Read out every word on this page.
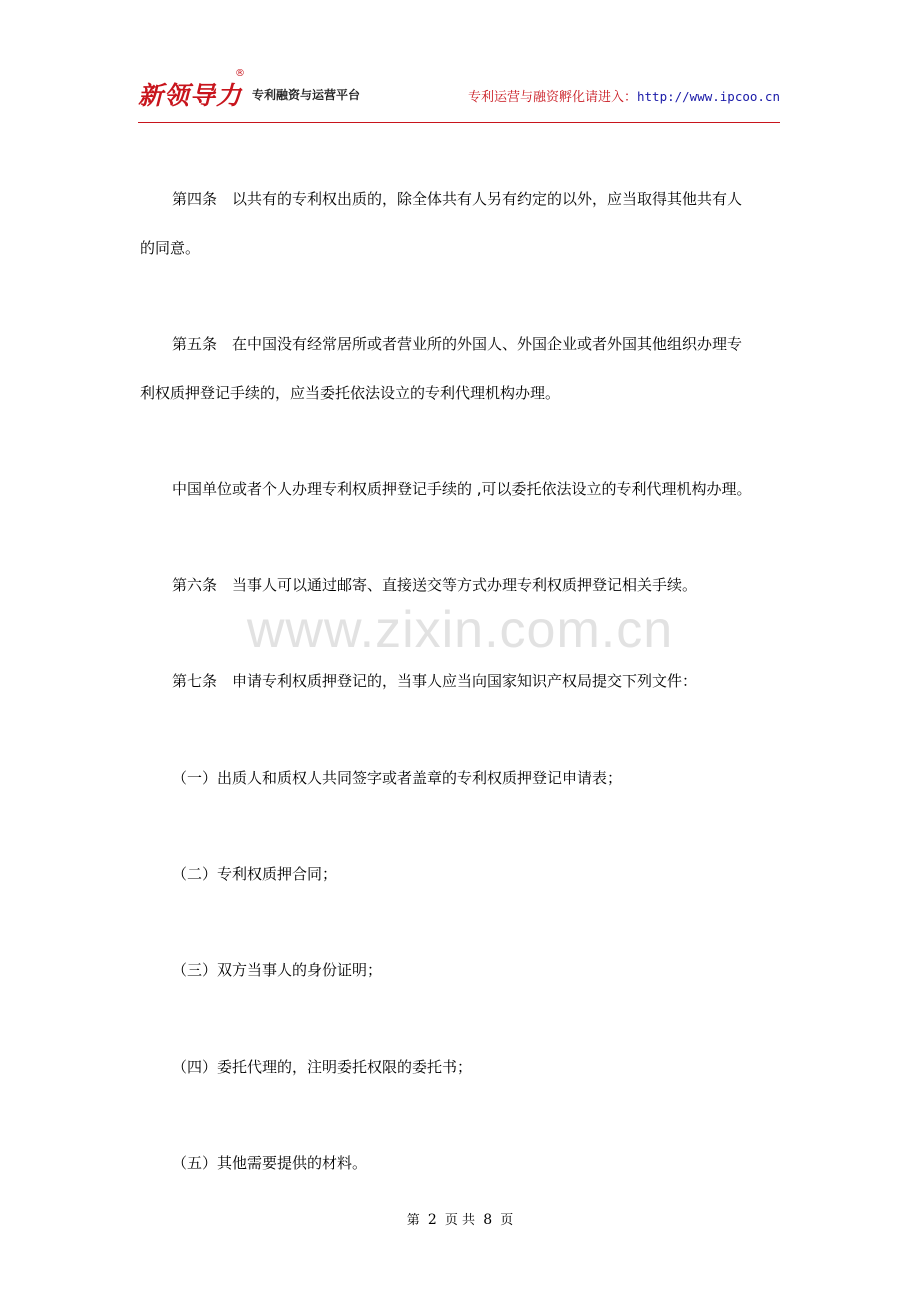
新领导力
®
专利融资与运营平台	专利运营与融资孵化请进入：http://www.ipcoo.cn
第四条　以共有的专利权出质的，除全体共有人另有约定的以外，应当取得其他共有人
的同意。
第五条　在中国没有经常居所或者营业所的外国人、外国企业或者外国其他组织办理专
利权质押登记手续的，应当委托依法设立的专利代理机构办理。
中国单位或者个人办理专利权质押登记手续的 ,可以委托依法设立的专利代理机构办理。
第六条　当事人可以通过邮寄、直接送交等方式办理专利权质押登记相关手续。
第七条　申请专利权质押登记的，当事人应当向国家知识产权局提交下列文件：
（一）出质人和质权人共同签字或者盖章的专利权质押登记申请表；
（二）专利权质押合同；
（三）双方当事人的身份证明；
（四）委托代理的，注明委托权限的委托书；
（五）其他需要提供的材料。
www.zixin.com.cn
第 2 页 共 8 页
